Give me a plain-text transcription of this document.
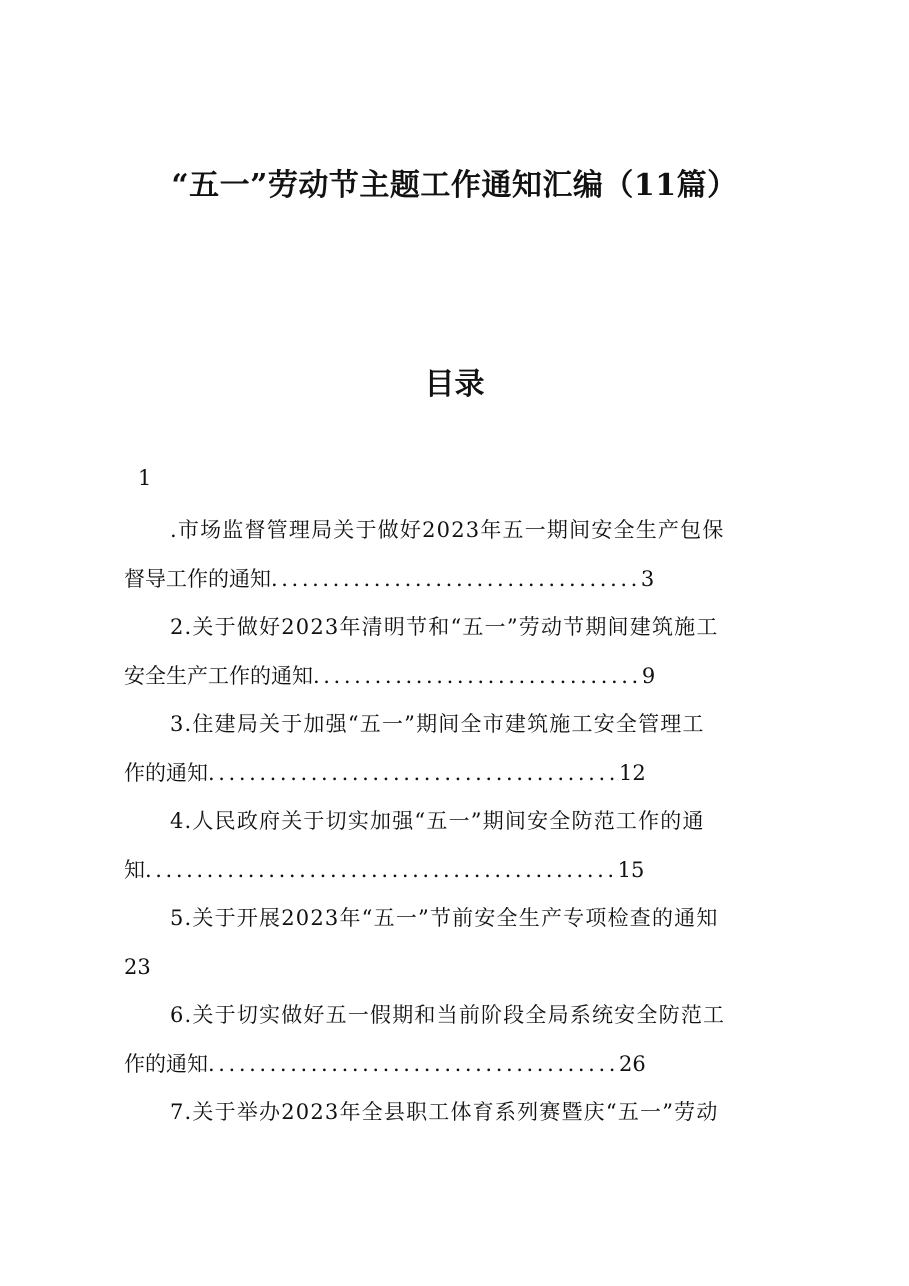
“五一”劳动节主题工作通知汇编（11篇）
目录
1
.市场监督管理局关于做好2023年五一期间安全生产包保
督导工作的通知....................................3
2.关于做好2023年清明节和“五一”劳动节期间建筑施工
安全生产工作的通知................................9
3.住建局关于加强“五一”期间全市建筑施工安全管理工
作的通知........................................12
4.人民政府关于切实加强“五一”期间安全防范工作的通
知..............................................15
5.关于开展2023年“五一”节前安全生产专项检查的通知
23
6.关于切实做好五一假期和当前阶段全局系统安全防范工
作的通知........................................26
7.关于举办2023年全县职工体育系列赛暨庆“五一”劳动
